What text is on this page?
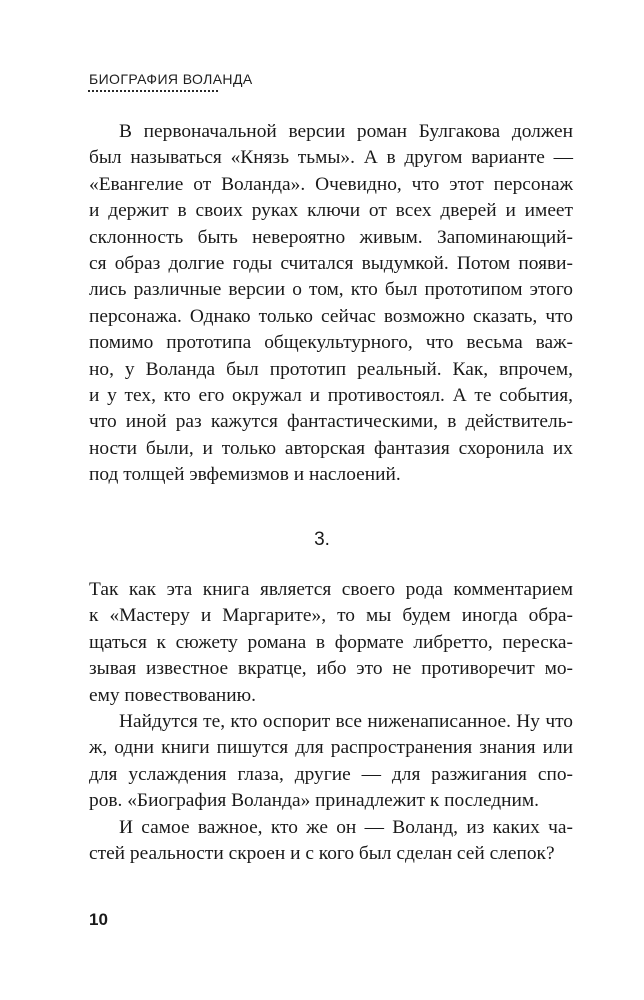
БИОГРАФИЯ ВОЛАНДА
В первоначальной версии роман Булгакова должен
был называться «Князь тьмы». А в другом варианте —
«Евангелие от Воланда». Очевидно, что этот персонаж
и держит в своих руках ключи от всех дверей и имеет
склонность быть невероятно живым. Запоминающий-
ся образ долгие годы считался выдумкой. Потом появи-
лись различные версии о том, кто был прототипом этого
персонажа. Однако только сейчас возможно сказать, что
помимо прототипа общекультурного, что весьма важ-
но, у Воланда был прототип реальный. Как, впрочем,
и у тех, кто его окружал и противостоял. А те события,
что иной раз кажутся фантастическими, в действитель-
ности были, и только авторская фантазия схоронила их
под толщей эвфемизмов и наслоений.
3.
Так как эта книга является своего рода комментарием
к «Мастеру и Маргарите», то мы будем иногда обра-
щаться к сюжету романа в формате либретто, переска-
зывая известное вкратце, ибо это не противоречит мо-
ему повествованию.
Найдутся те, кто оспорит все ниженаписанное. Ну что
ж, одни книги пишутся для распространения знания или
для услаждения глаза, другие — для разжигания спо-
ров. «Биография Воланда» принадлежит к последним.
И самое важное, кто же он — Воланд, из каких ча-
стей реальности скроен и с кого был сделан сей слепок?
10
